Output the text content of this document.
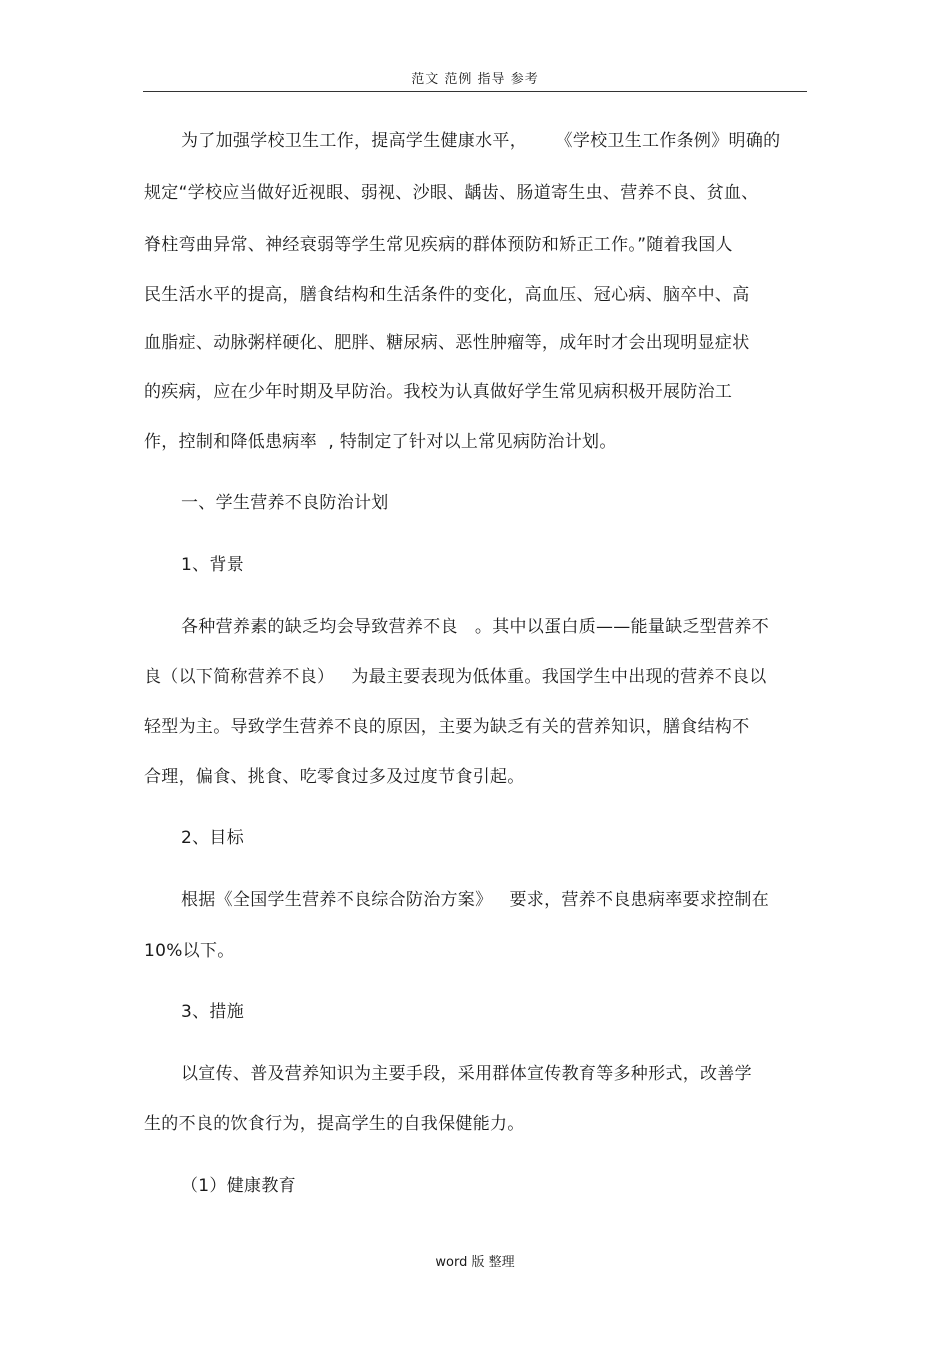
范文 范例 指导 参考
为了加强学校卫生工作，提高学生健康水平，     《学校卫生工作条例》明确的
规定“学校应当做好近视眼、弱视、沙眼、龋齿、肠道寄生虫、营养不良、贫血、
脊柱弯曲异常、神经衰弱等学生常见疾病的群体预防和矫正工作。”随着我国人
民生活水平的提高，膳食结构和生活条件的变化，高血压、冠心病、脑卒中、高
血脂症、动脉粥样硬化、肥胖、糖尿病、恶性肿瘤等，成年时才会出现明显症状
的疾病，应在少年时期及早防治。我校为认真做好学生常见病积极开展防治工
作，控制和降低患病率  , 特制定了针对以上常见病防治计划。
一、学生营养不良防治计划
1、背景
各种营养素的缺乏均会导致营养不良   。其中以蛋白质——能量缺乏型营养不
良（以下简称营养不良）   为最主要表现为低体重。我国学生中出现的营养不良以
轻型为主。导致学生营养不良的原因，主要为缺乏有关的营养知识，膳食结构不
合理，偏食、挑食、吃零食过多及过度节食引起。
2、目标
根据《全国学生营养不良综合防治方案》   要求，营养不良患病率要求控制在
10%以下。
3、措施
以宣传、普及营养知识为主要手段，采用群体宣传教育等多种形式，改善学
生的不良的饮食行为，提高学生的自我保健能力。
（1）健康教育
word 版 整理
